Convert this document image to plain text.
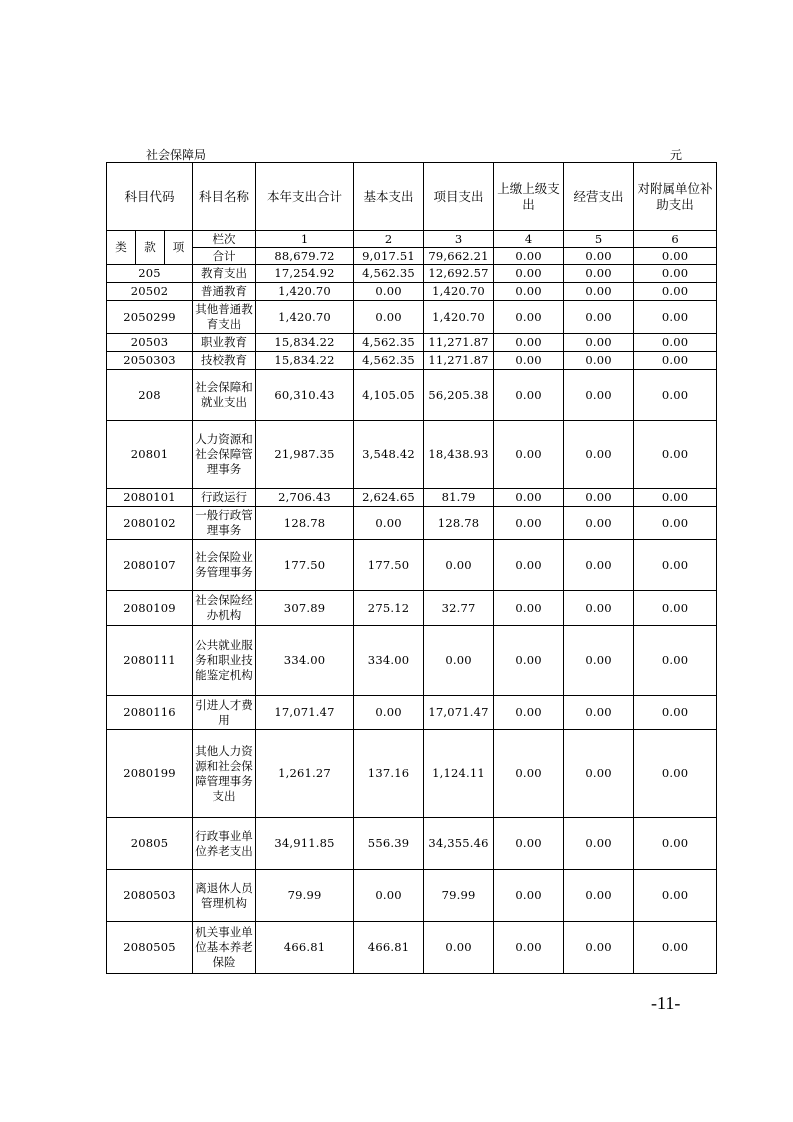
社会保障局	元
科目代码			科目名称	本年支出合计	基本支出	项目支出	上缴上级支出	经营支出	对附属单位补助支出
类	款	项	栏次	1	2	3	4	5	6
			合计	88,679.72	9,017.51	79,662.21	0.00	0.00	0.00
205			教育支出	17,254.92	4,562.35	12,692.57	0.00	0.00	0.00
20502			普通教育	1,420.70	0.00	1,420.70	0.00	0.00	0.00
2050299			其他普通教育支出	1,420.70	0.00	1,420.70	0.00	0.00	0.00
20503			职业教育	15,834.22	4,562.35	11,271.87	0.00	0.00	0.00
2050303			技校教育	15,834.22	4,562.35	11,271.87	0.00	0.00	0.00
208			社会保障和就业支出	60,310.43	4,105.05	56,205.38	0.00	0.00	0.00
20801			人力资源和社会保障管理事务	21,987.35	3,548.42	18,438.93	0.00	0.00	0.00
2080101			行政运行	2,706.43	2,624.65	81.79	0.00	0.00	0.00
2080102			一般行政管理事务	128.78	0.00	128.78	0.00	0.00	0.00
2080107			社会保险业务管理事务	177.50	177.50	0.00	0.00	0.00	0.00
2080109			社会保险经办机构	307.89	275.12	32.77	0.00	0.00	0.00
2080111			公共就业服务和职业技能鉴定机构	334.00	334.00	0.00	0.00	0.00	0.00
2080116			引进人才费用	17,071.47	0.00	17,071.47	0.00	0.00	0.00
2080199			其他人力资源和社会保障管理事务支出	1,261.27	137.16	1,124.11	0.00	0.00	0.00
20805			行政事业单位养老支出	34,911.85	556.39	34,355.46	0.00	0.00	0.00
2080503			离退休人员管理机构	79.99	0.00	79.99	0.00	0.00	0.00
2080505			机关事业单位基本养老保险	466.81	466.81	0.00	0.00	0.00	0.00
-11-
